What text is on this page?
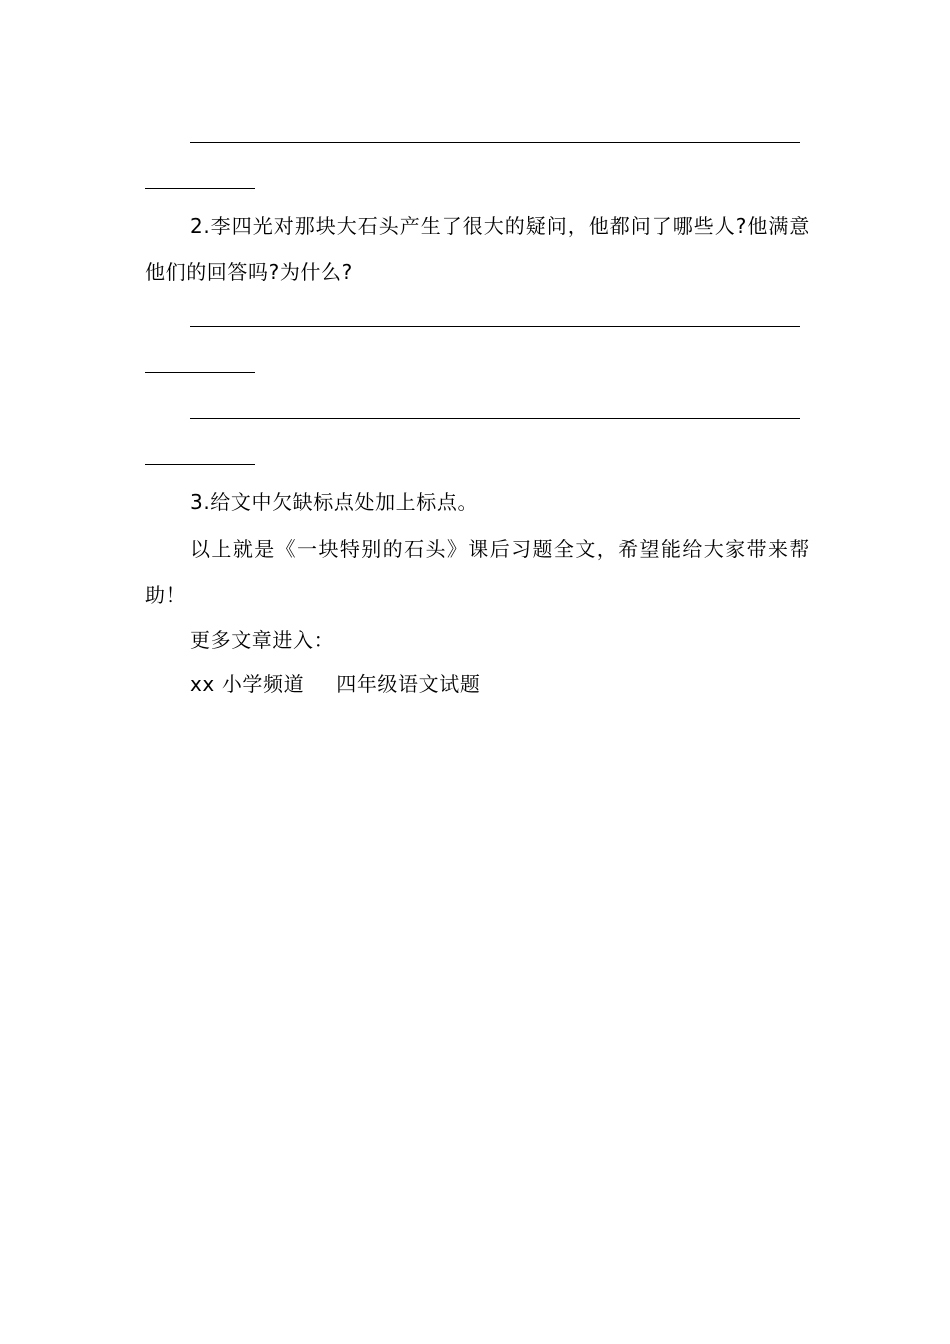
2.李四光对那块大石头产生了很大的疑问，他都问了哪些人?他满意他们的回答吗?为什么?
3.给文中欠缺标点处加上标点。
以上就是《一块特别的石头》课后习题全文，希望能给大家带来帮助！
更多文章进入：
xx 小学频道 四年级语文试题
